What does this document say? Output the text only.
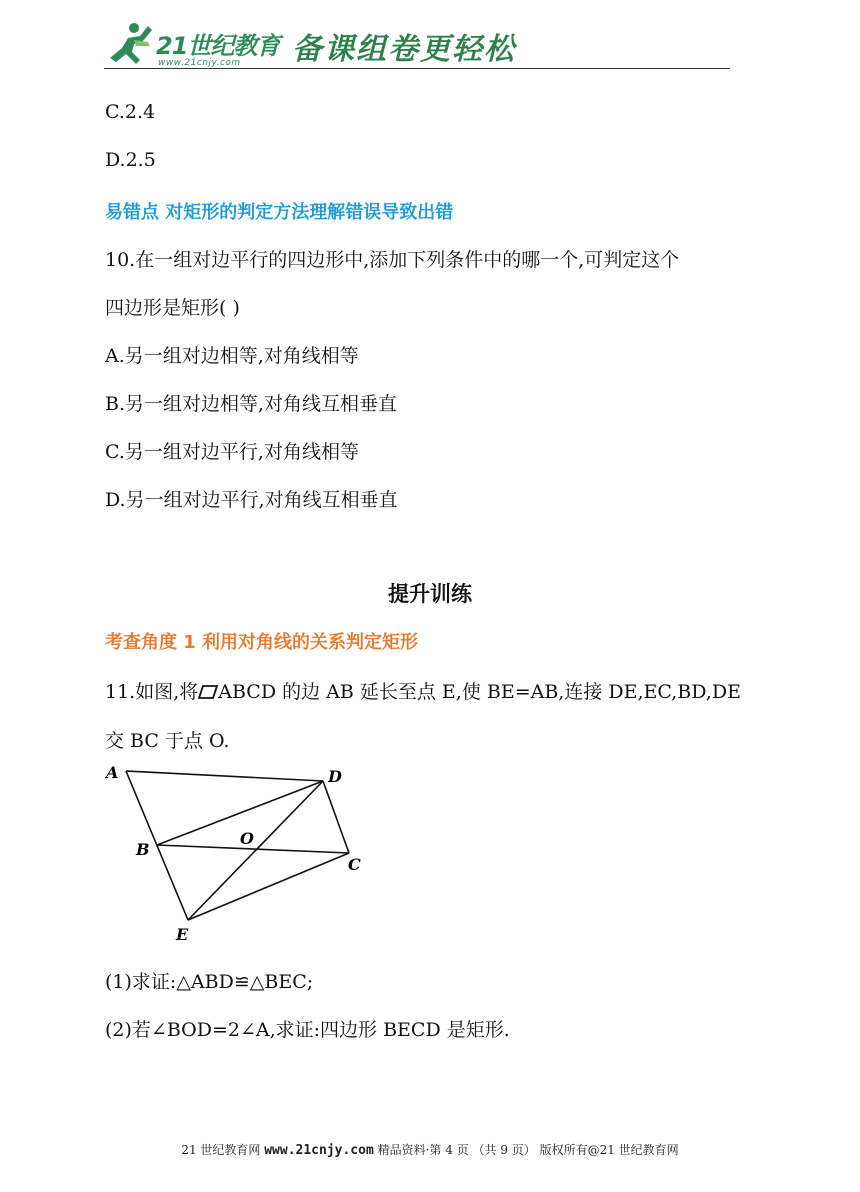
21世纪教育
www.21cnjy.com 备课组卷更轻松
C.2.4
D.2.5
易错点 对矩形的判定方法理解错误导致出错
10.在一组对边平行的四边形中,添加下列条件中的哪一个,可判定这个
四边形是矩形( )
A.另一组对边相等,对角线相等
B.另一组对边相等,对角线互相垂直
C.另一组对边平行,对角线相等
D.另一组对边平行,对角线互相垂直
提升训练
考查角度 1 利用对角线的关系判定矩形
11.如图,将 ABCD 的边 AB 延长至点 E,使 BE=AB,连接 DE,EC,BD,DE
交 BC 于点 O.
A	D
O
B
C
E
(1)求证:△ABD≌△BEC;
(2)若∠BOD=2∠A,求证:四边形 BECD 是矩形.
21 世纪教育网 www.21cnjy.com 精品资料·第 4 页 （共 9 页） 版权所有@21 世纪教育网
